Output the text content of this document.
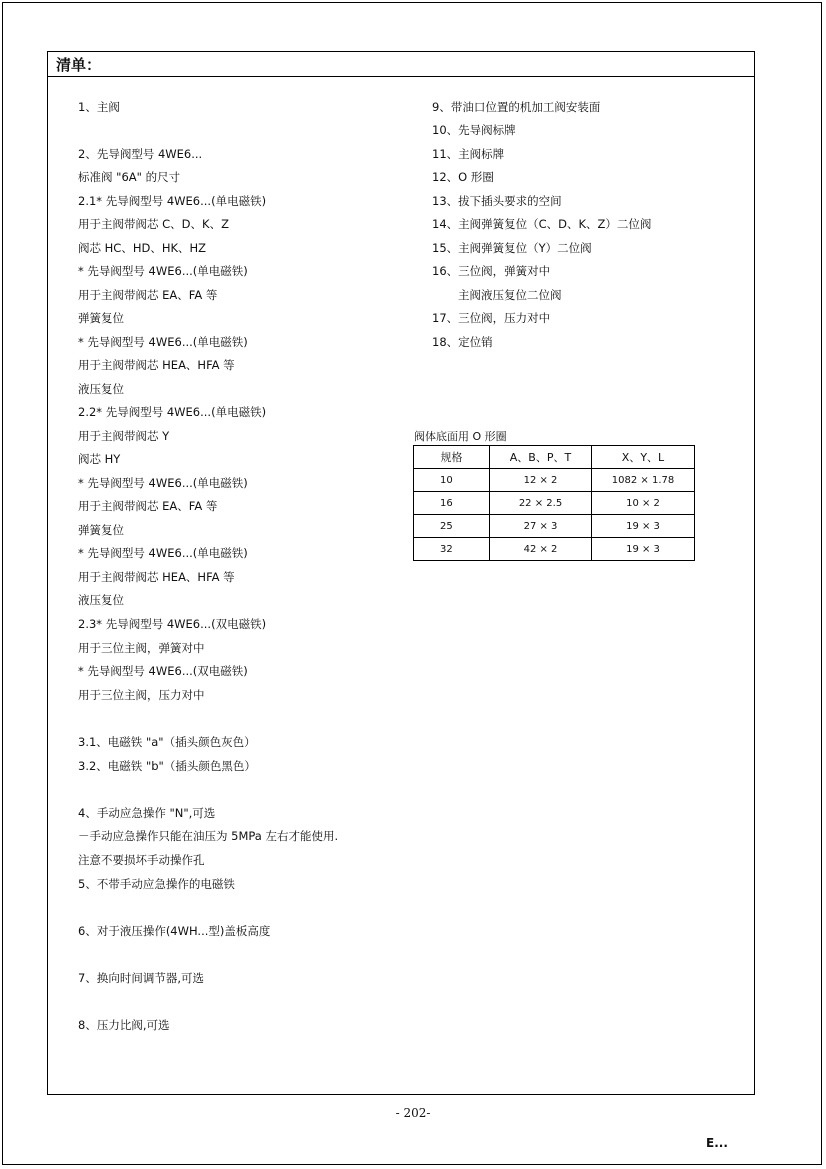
清单：
1、主阀
2、先导阀型号 4WE6...
标准阀 "6A" 的尺寸
2.1* 先导阀型号 4WE6...(单电磁铁)
用于主阀带阀芯 C、D、K、Z
阀芯 HC、HD、HK、HZ
* 先导阀型号 4WE6...(单电磁铁)
用于主阀带阀芯 EA、FA 等
弹簧复位
* 先导阀型号 4WE6...(单电磁铁)
用于主阀带阀芯 HEA、HFA 等
液压复位
2.2* 先导阀型号 4WE6...(单电磁铁)
用于主阀带阀芯 Y
阀芯 HY
* 先导阀型号 4WE6...(单电磁铁)
用于主阀带阀芯 EA、FA 等
弹簧复位
* 先导阀型号 4WE6...(单电磁铁)
用于主阀带阀芯 HEA、HFA 等
液压复位
2.3* 先导阀型号 4WE6...(双电磁铁)
用于三位主阀，弹簧对中
* 先导阀型号 4WE6...(双电磁铁)
用于三位主阀，压力对中
3.1、电磁铁 "a"（插头颜色灰色）
3.2、电磁铁 "b"（插头颜色黑色）
4、手动应急操作 "N",可选
－手动应急操作只能在油压为 5MPa 左右才能使用.
注意不要损坏手动操作孔
5、不带手动应急操作的电磁铁
6、对于液压操作(4WH...型)盖板高度
7、换向时间调节器,可选
8、压力比阀,可选
9、带油口位置的机加工阀安装面
10、先导阀标牌
11、主阀标牌
12、O 形圈
13、拔下插头要求的空间
14、主阀弹簧复位（C、D、K、Z）二位阀
15、主阀弹簧复位（Y）二位阀
16、三位阀，弹簧对中
主阀液压复位二位阀
17、三位阀，压力对中
18、定位销
阀体底面用 O 形圈
规格	A、B、P、T	X、Y、L
10	12 × 2	1082 × 1.78
16	22 × 2.5	10 × 2
25	27 × 3	19 × 3
32	42 × 2	19 × 3
- 202-
E...
